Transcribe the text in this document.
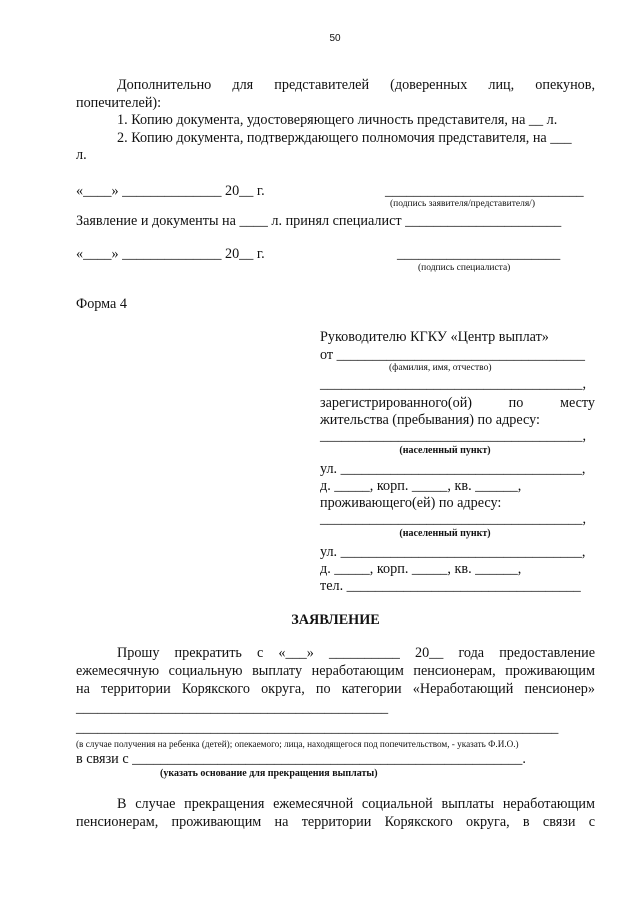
50
Дополнительно для представителей (доверенных лиц, опекунов,
попечителей):
1. Копию документа, удостоверяющего личность представителя, на __ л.
2. Копию документа, подтверждающего полномочия представителя, на ___
л.
«____» ______________ 20__ г.	____________________________
(подпись заявителя/представителя/)
Заявление и документы на ____ л. принял специалист ______________________
«____» ______________ 20__ г.	_______________________
(подпись специалиста)
Форма 4
Руководителю КГКУ «Центр выплат»
от ___________________________________
(фамилия, имя, отчество)
_____________________________________,
зарегистрированного(ой) по месту
жительства (пребывания) по адресу:
_____________________________________,
(населенный пункт)
ул. __________________________________,
д. _____, корп. _____, кв. ______,
проживающего(ей) по адресу:
_____________________________________,
(населенный пункт)
ул. __________________________________,
д. _____, корп. _____, кв. ______,
тел. _________________________________
ЗАЯВЛЕНИЕ
Прошу прекратить с «___» __________ 20__ года предоставление
ежемесячную социальную выплату неработающим пенсионерам, проживающим
на территории Корякского округа, по категории «Неработающий пенсионер»
____________________________________________
____________________________________________________________________
(в случае получения на ребенка (детей); опекаемого; лица, находящегося под попечительством, - указать Ф.И.О.)
в связи с _______________________________________________________.
(указать основание для прекращения выплаты)
В случае прекращения ежемесячной социальной выплаты неработающим
пенсионерам, проживающим на территории Корякского округа, в связи с
